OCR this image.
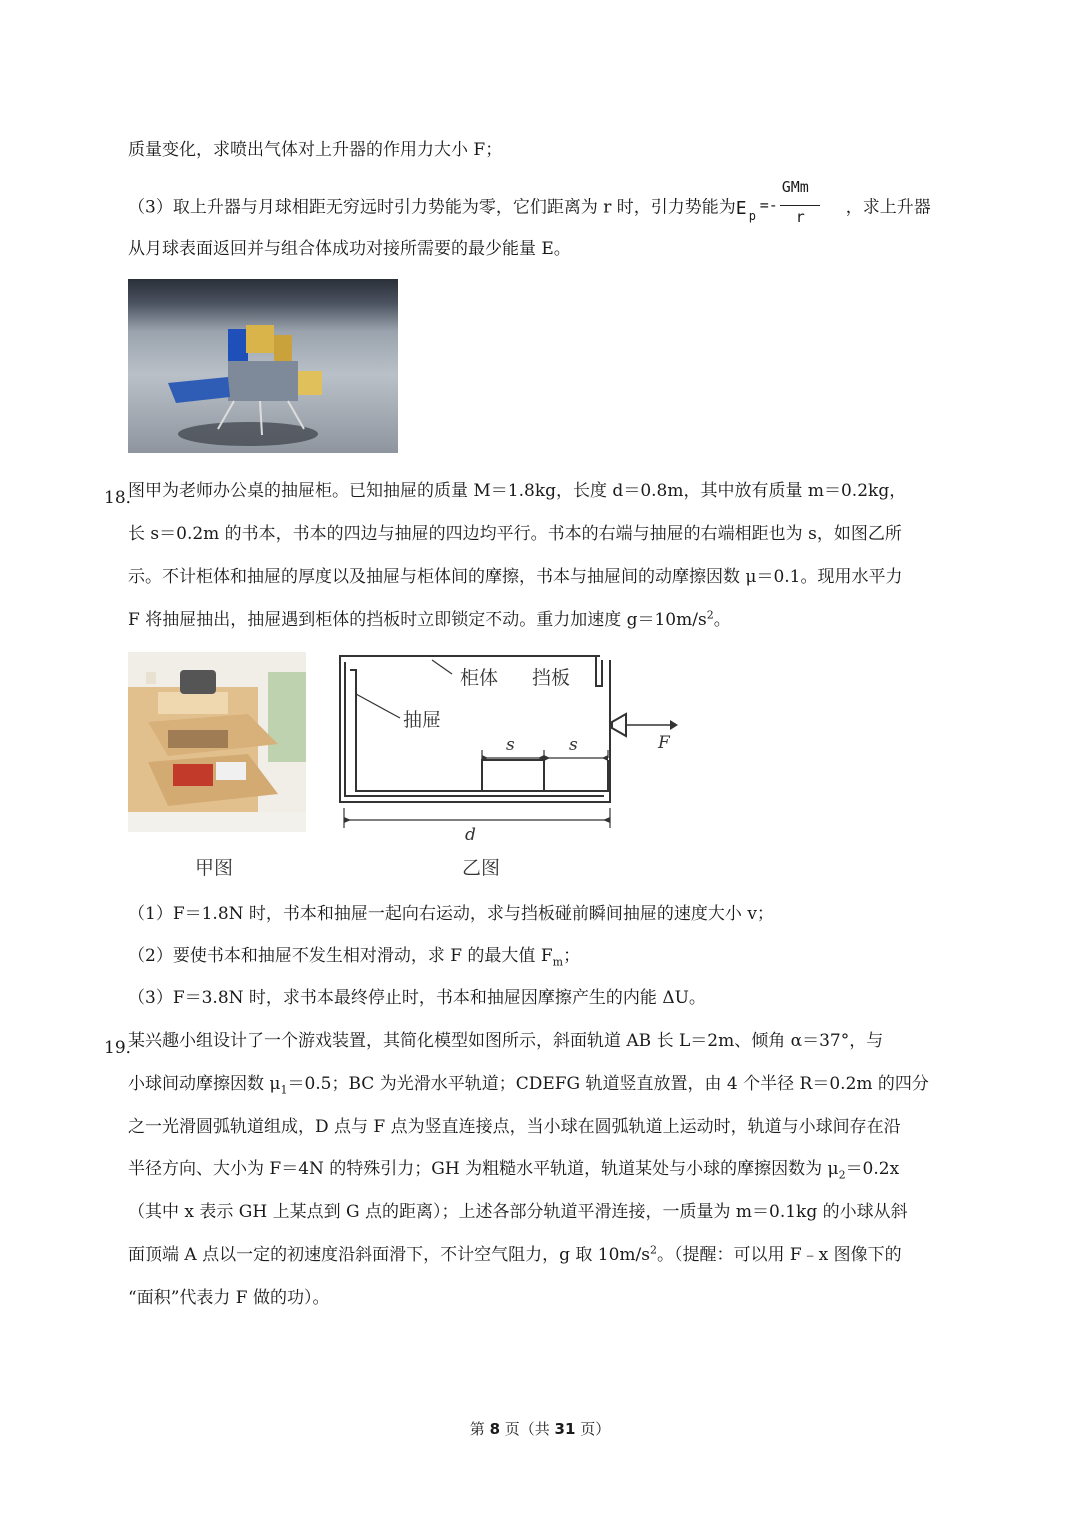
质量变化，求喷出气体对上升器的作用力大小 F；
（3）取上升器与月球相距无穷远时引力势能为零，它们距离为 r 时，引力势能为 E p
=-
GMm
r ，求上升器
从月球表面返回并与组合体成功对接所需要的最少能量 E。
18．
图甲为老师办公桌的抽屉柜。已知抽屉的质量 M＝1.8kg，长度 d＝0.8m，其中放有质量 m＝0.2kg，
长 s＝0.2m 的书本，书本的四边与抽屉的四边均平行。书本的右端与抽屉的右端相距也为 s，如图乙所
示。不计柜体和抽屉的厚度以及抽屉与柜体间的摩擦，书本与抽屉间的动摩擦因数 μ＝0.1。现用水平力
F 将抽屉抽出，抽屉遇到柜体的挡板时立即锁定不动。重力加速度 $g=10m/s^2$。
甲图
柜体 挡板
抽屉
s	s	F
d
乙图
（1）F＝1.8N 时，书本和抽屉一起向右运动，求与挡板碰前瞬间抽屉的速度大小 v；
（2）要使书本和抽屉不发生相对滑动，求 F 的最大值 $F_m$；
（3）F＝3.8N 时，求书本最终停止时，书本和抽屉因摩擦产生的内能 ΔU。
19．
某兴趣小组设计了一个游戏装置，其简化模型如图所示，斜面轨道 AB 长 L＝2m、倾角 α＝37°，与
小球间动摩擦因数 $\mu_1=0.5$；BC 为光滑水平轨道；CDEFG 轨道竖直放置，由 4 个半径 R＝0.2m 的四分
之一光滑圆弧轨道组成，D 点与 F 点为竖直连接点，当小球在圆弧轨道上运动时，轨道与小球间存在沿
半径方向、大小为 F＝4N 的特殊引力；GH 为粗糙水平轨道，轨道某处与小球的摩擦因数为 $\mu_2=0.2x$
（其中 x 表示 GH 上某点到 G 点的距离）；上述各部分轨道平滑连接，一质量为 m＝0.1kg 的小球从斜
面顶端 A 点以一定的初速度沿斜面滑下，不计空气阻力，g 取 $10m/s^2$。（提醒：可以用 F﹣x 图像下的
“面积”代表力 F 做的功）。
第 8 页（共 31 页）
